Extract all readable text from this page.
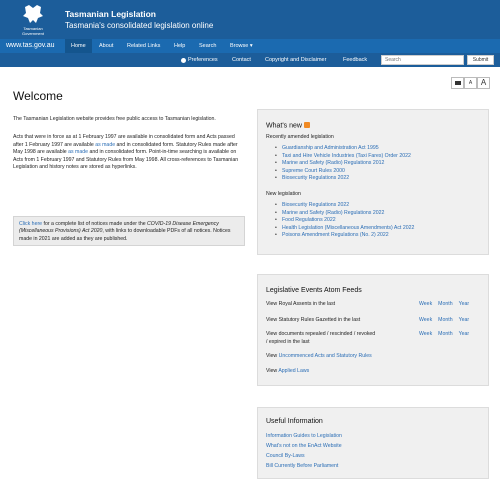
Tasmanian
Government
Tasmanian Legislation
Tasmania's consolidated legislation online
www.tas.gov.au	Home	About	Related Links	Help	Search	Browse ▾
Preferences	Contact	Copyright and Disclaimer	Feedback
Search	Submit
A	A
Welcome

The Tasmanian Legislation website provides free public access to Tasmanian legislation.

Acts that were in force as at 1 February 1997 are available in consolidated form and Acts passed after 1 February 1997 are available as made and in consolidated form. Statutory Rules made after May 1998 are available as made and in consolidated form. Point-in-time searching is available on Acts from 1 February 1997 and Statutory Rules from May 1998. All cross-references to Tasmanian Legislation and history notes are stored as hyperlinks.

Click here for a complete list of notices made under the COVID-19 Disease Emergency (Miscellaneous Provisions) Act 2020, with links to downloadable PDFs of all notices. Notices made in 2021 are added as they are published.
What's new
Recently amended legislation
• Guardianship and Administration Act 1995
• Taxi and Hire Vehicle Industries (Taxi Fares) Order 2022
• Marine and Safety (Radio) Regulations 2012
• Supreme Court Rules 2000
• Biosecurity Regulations 2022
New legislation
• Biosecurity Regulations 2022
• Marine and Safety (Radio) Regulations 2022
• Food Regulations 2022
• Health Legislation (Miscellaneous Amendments) Act 2022
• Poisons Amendment Regulations (No. 2) 2022
Legislative Events Atom Feeds
View Royal Assents in the last	Week Month Year
View Statutory Rules Gazetted in the last	Week Month Year
View documents repealed / rescinded / revoked / expired in the last
Week Month Year
View Uncommenced Acts and Statutory Rules
View Applied Laws
Useful Information
Information Guides to Legislation
What's not on the EnAct Website
Council By-Laws
Bill Currently Before Parliament
